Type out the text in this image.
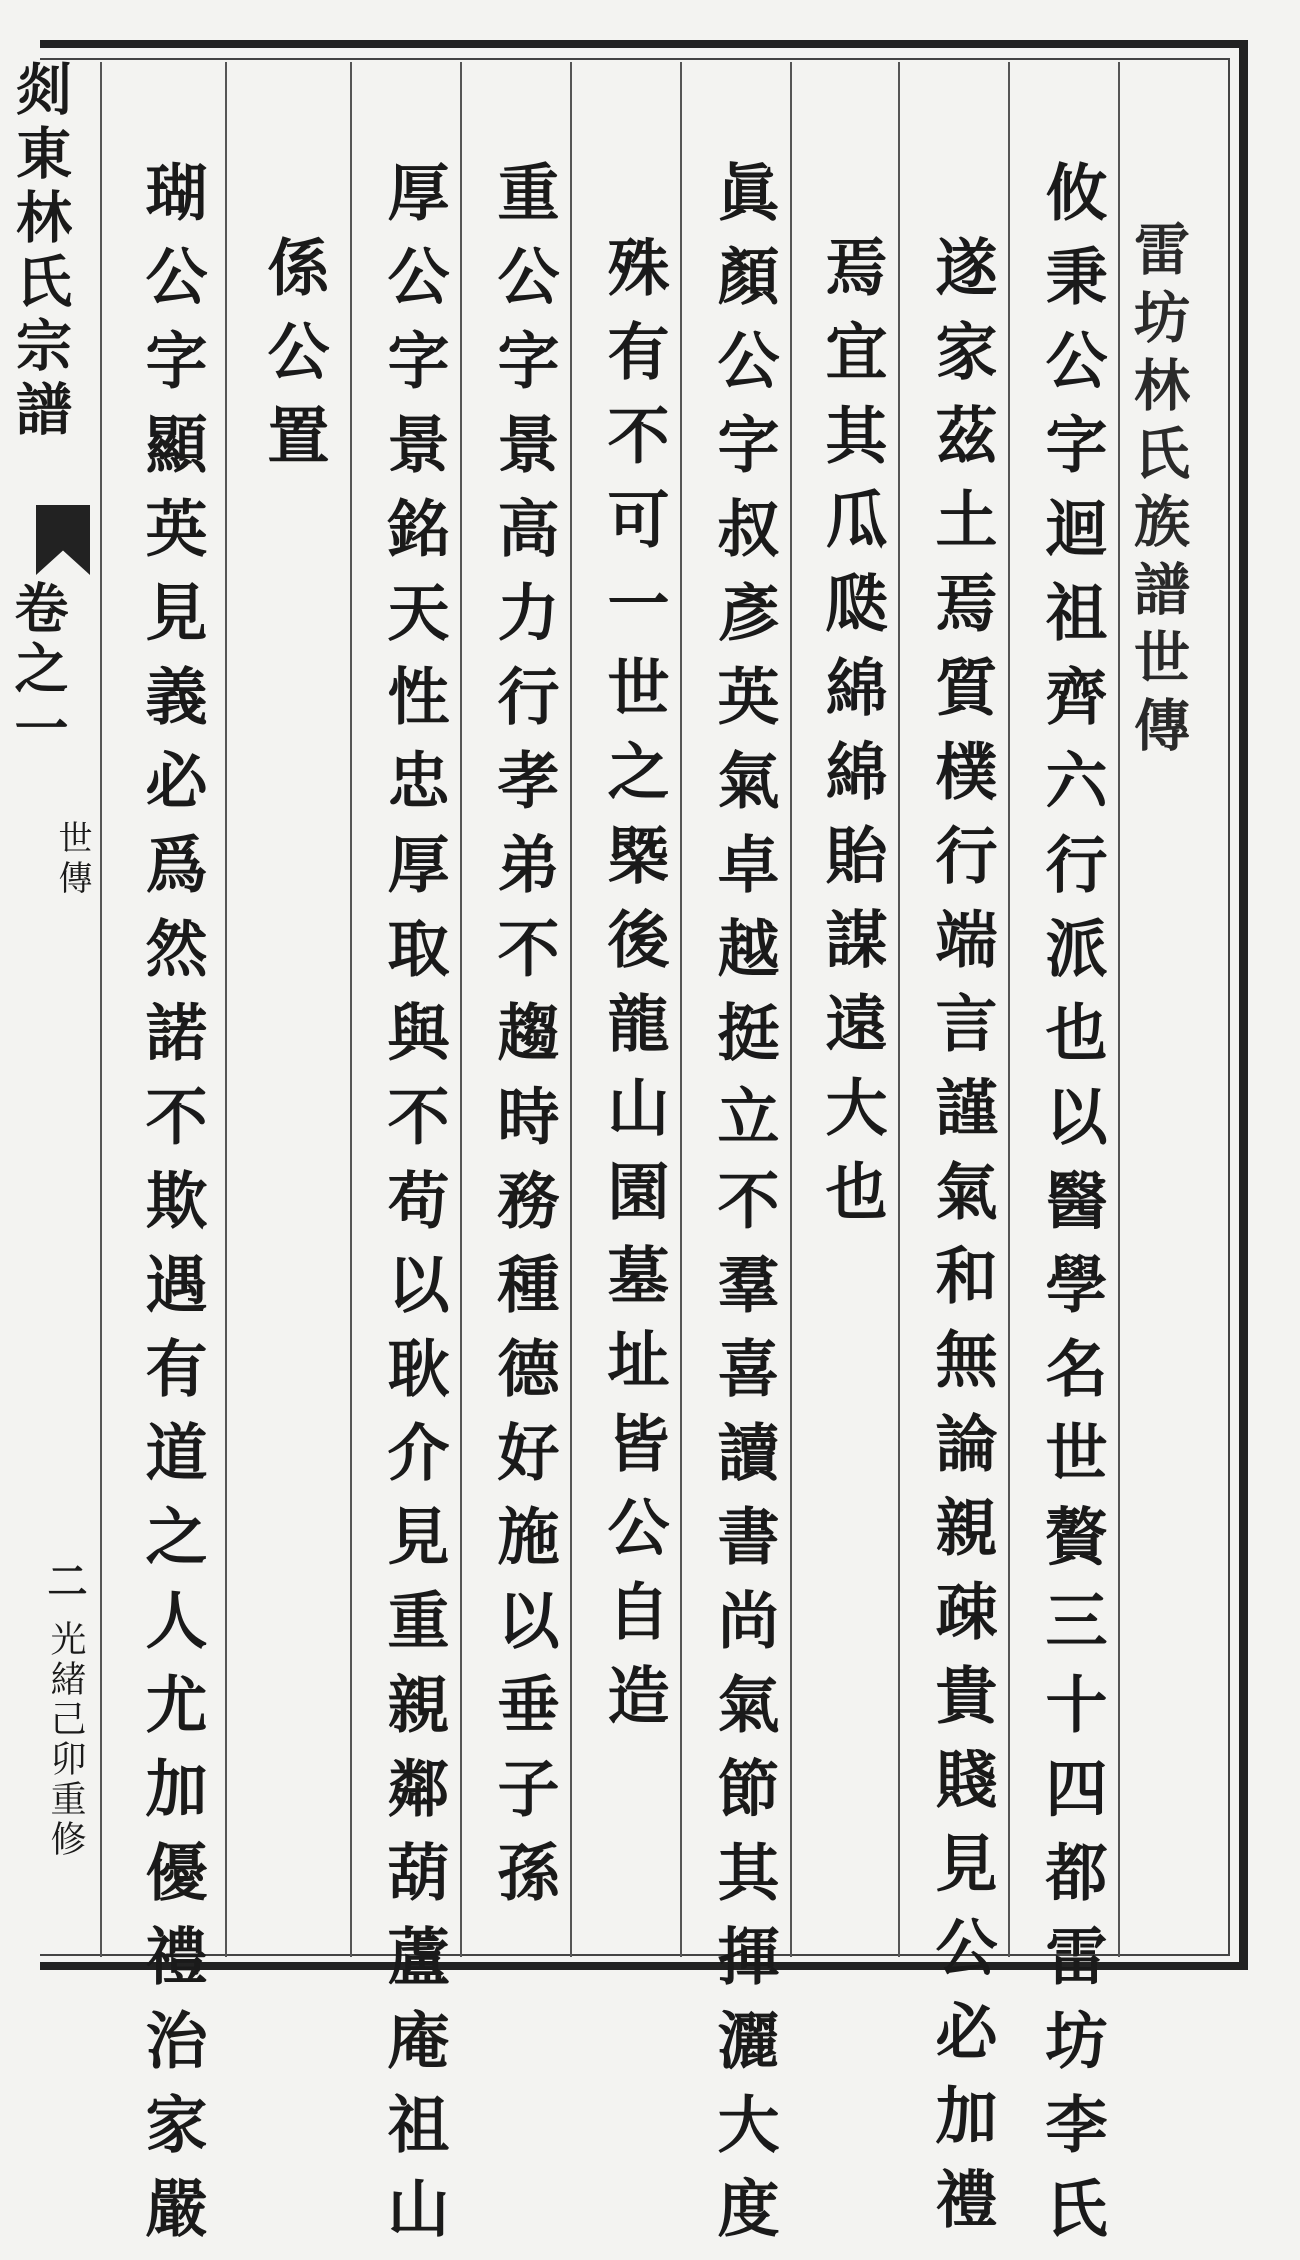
剡東林氏宗譜
卷之一
世傳
二
光緒己卯重修
雷坊林氏族譜世傳
攸秉公字迴祖齊六行派也以醫學名世贅三十四都雷坊李氏
遂家茲土焉質樸行端言謹氣和無論親疎貴賤見公必加禮
焉宜其瓜瓞綿綿貽謀遠大也
眞顏公字叔彥英氣卓越挺立不羣喜讀書尚氣節其揮灑大度
殊有不可一世之槩後龍山園墓址皆公自造
重公字景高力行孝弟不趨時務種德好施以垂子孫
厚公字景銘天性忠厚取與不苟以耿介見重親鄰葫蘆庵祖山
係公置
瑚公字顯英見義必爲然諾不欺遇有道之人尤加優禮治家嚴
